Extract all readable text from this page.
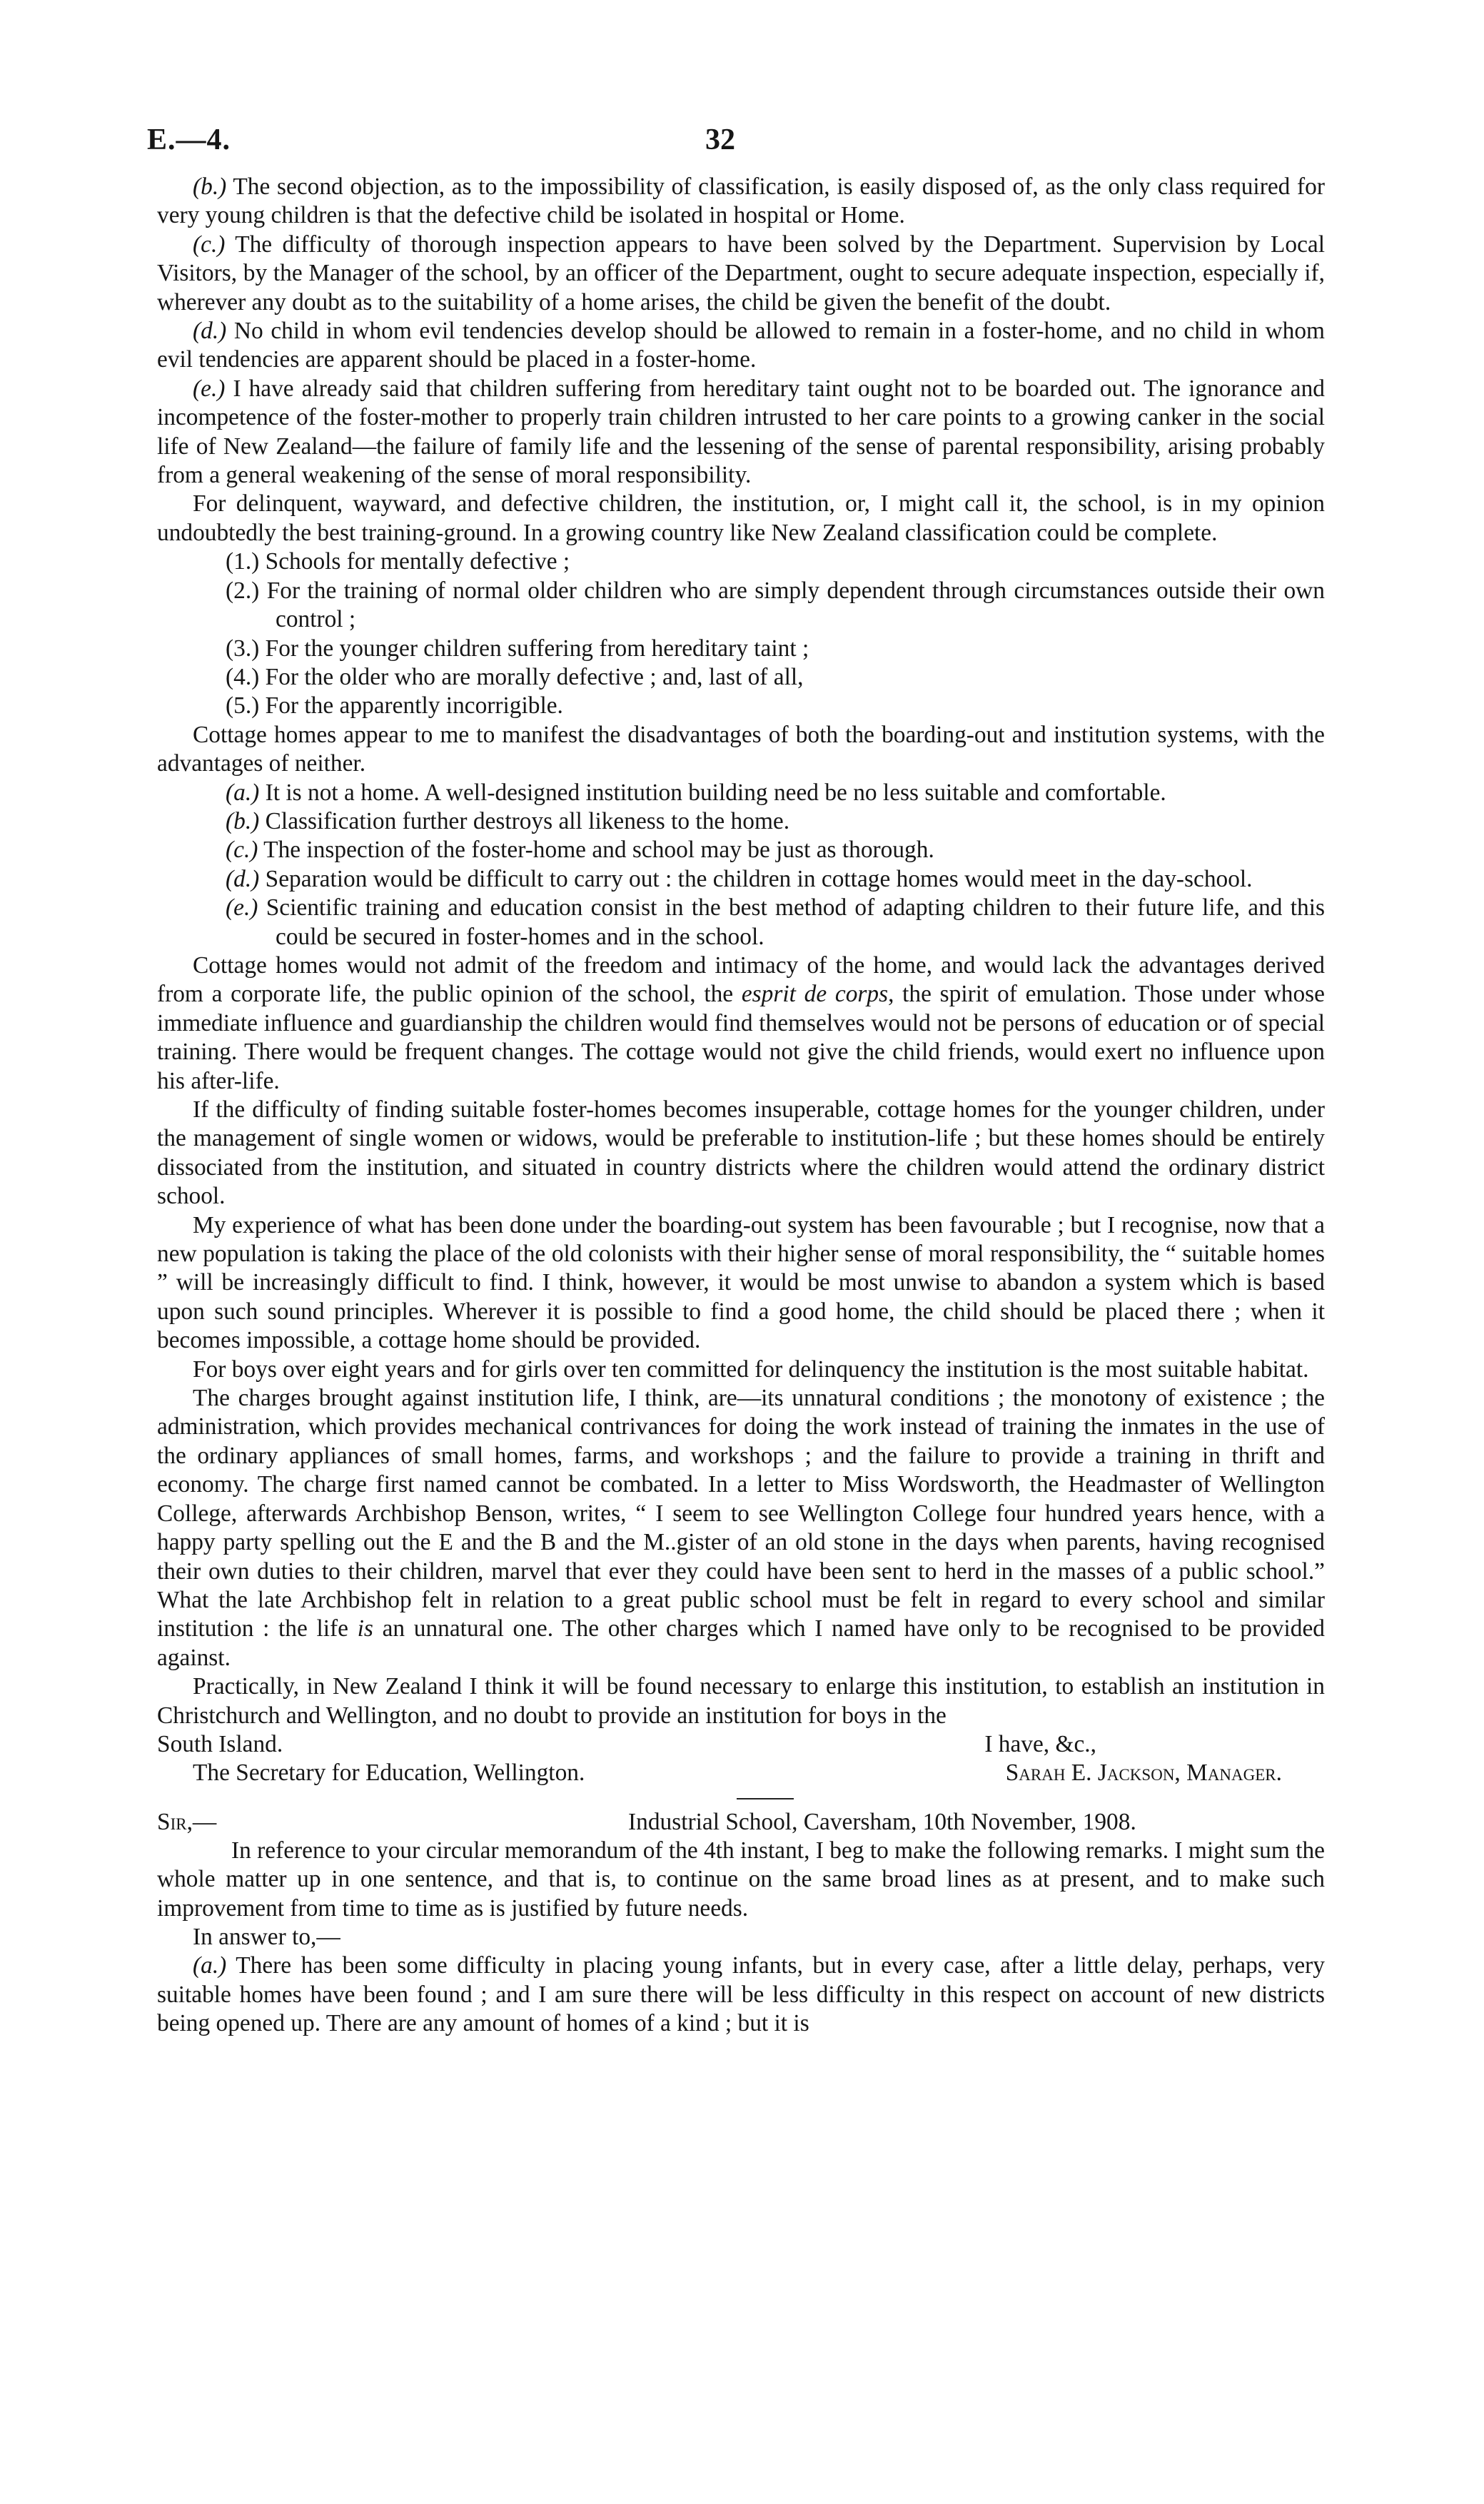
E.—4.	32

(b.) The second objection, as to the impossibility of classification, is easily disposed of, as the only class required for very young children is that the defective child be isolated in hospital or Home.

(c.) The difficulty of thorough inspection appears to have been solved by the Department. Supervision by Local Visitors, by the Manager of the school, by an officer of the Department, ought to secure adequate inspection, especially if, wherever any doubt as to the suitability of a home arises, the child be given the benefit of the doubt.

(d.) No child in whom evil tendencies develop should be allowed to remain in a foster-home, and no child in whom evil tendencies are apparent should be placed in a foster-home.

(e.) I have already said that children suffering from hereditary taint ought not to be boarded out. The ignorance and incompetence of the foster-mother to properly train children intrusted to her care points to a growing canker in the social life of New Zealand—the failure of family life and the lessening of the sense of parental responsibility, arising probably from a general weakening of the sense of moral responsibility.

For delinquent, wayward, and defective children, the institution, or, I might call it, the school, is in my opinion undoubtedly the best training-ground. In a growing country like New Zealand classification could be complete.

(1.) Schools for mentally defective ;

(2.) For the training of normal older children who are simply dependent through circumstances outside their own control ;

(3.) For the younger children suffering from hereditary taint ;

(4.) For the older who are morally defective ; and, last of all,

(5.) For the apparently incorrigible.

Cottage homes appear to me to manifest the disadvantages of both the boarding-out and institution systems, with the advantages of neither.

(a.) It is not a home. A well-designed institution building need be no less suitable and comfortable.

(b.) Classification further destroys all likeness to the home.

(c.) The inspection of the foster-home and school may be just as thorough.

(d.) Separation would be difficult to carry out : the children in cottage homes would meet in the day-school.

(e.) Scientific training and education consist in the best method of adapting children to their future life, and this could be secured in foster-homes and in the school.

Cottage homes would not admit of the freedom and intimacy of the home, and would lack the advantages derived from a corporate life, the public opinion of the school, the esprit de corps, the spirit of emulation. Those under whose immediate influence and guardianship the children would find themselves would not be persons of education or of special training. There would be frequent changes. The cottage would not give the child friends, would exert no influence upon his after-life.

If the difficulty of finding suitable foster-homes becomes insuperable, cottage homes for the younger children, under the management of single women or widows, would be preferable to institution-life ; but these homes should be entirely dissociated from the institution, and situated in country districts where the children would attend the ordinary district school.

My experience of what has been done under the boarding-out system has been favourable ; but I recognise, now that a new population is taking the place of the old colonists with their higher sense of moral responsibility, the “ suitable homes ” will be increasingly difficult to find. I think, however, it would be most unwise to abandon a system which is based upon such sound principles. Wherever it is possible to find a good home, the child should be placed there ; when it becomes impossible, a cottage home should be provided.

For boys over eight years and for girls over ten committed for delinquency the institution is the most suitable habitat.

The charges brought against institution life, I think, are—its unnatural conditions ; the monotony of existence ; the administration, which provides mechanical contrivances for doing the work instead of training the inmates in the use of the ordinary appliances of small homes, farms, and workshops ; and the failure to provide a training in thrift and economy. The charge first named cannot be combated. In a letter to Miss Wordsworth, the Headmaster of Wellington College, afterwards Archbishop Benson, writes, “ I seem to see Wellington College four hundred years hence, with a happy party spelling out the E and the B and the M..gister of an old stone in the days when parents, having recognised their own duties to their children, marvel that ever they could have been sent to herd in the masses of a public school.” What the late Archbishop felt in relation to a great public school must be felt in regard to every school and similar institution : the life is an unnatural one. The other charges which I named have only to be recognised to be provided against.

Practically, in New Zealand I think it will be found necessary to enlarge this institution, to establish an institution in Christchurch and Wellington, and no doubt to provide an institution for boys in the

South Island.	I have, &c.,
The Secretary for Education, Wellington.	Sarah E. Jackson, Manager.
Sir,—	Industrial School, Caversham, 10th November, 1908.

In reference to your circular memorandum of the 4th instant, I beg to make the following remarks. I might sum the whole matter up in one sentence, and that is, to continue on the same broad lines as at present, and to make such improvement from time to time as is justified by future needs.

In answer to,—

(a.) There has been some difficulty in placing young infants, but in every case, after a little delay, perhaps, very suitable homes have been found ; and I am sure there will be less difficulty in this respect on account of new districts being opened up. There are any amount of homes of a kind ; but it is
